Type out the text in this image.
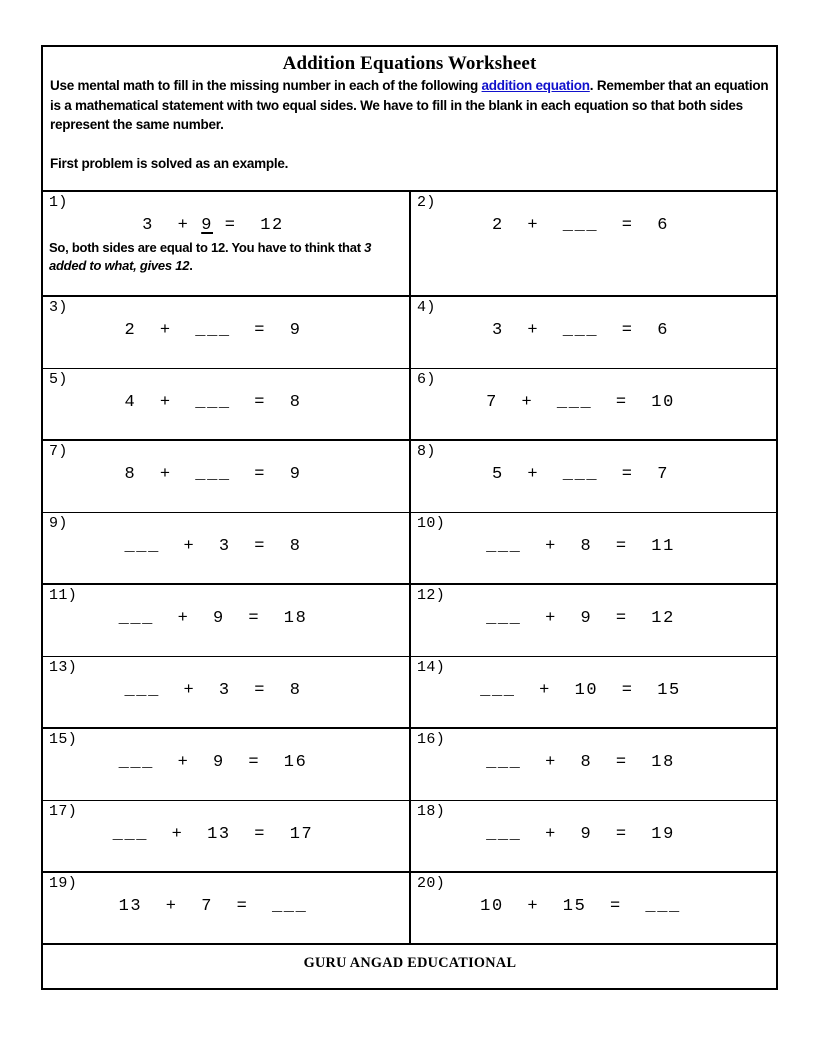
Addition Equations Worksheet
Use mental math to fill in the missing number in each of the following addition equation. Remember that an equation is a mathematical statement with two equal sides. We have to fill in the blank in each equation so that both sides represent the same number.
First problem is solved as an example.
1)
3  + 9 =  12
So, both sides are equal to 12. You have to think that 3 added to what, gives 12.
2)
2  +  ___  =  6
3)
2  +  ___  =  9
4)
3  +  ___  =  6
5)
4  +  ___  =  8
6)
7  +  ___  =  10
7)
8  +  ___  =  9
8)
5  +  ___  =  7
9)
___  +  3  =  8
10)
___  +  8  =  11
11)
___  +  9  =  18
12)
___  +  9  =  12
13)
___  +  3  =  8
14)
___  +  10  =  15
15)
___  +  9  =  16
16)
___  +  8  =  18
17)
___  +  13  =  17
18)
___  +  9  =  19
19)
13  +  7  =  ___
20)
10  +  15  =  ___
GURU ANGAD EDUCATIONAL
